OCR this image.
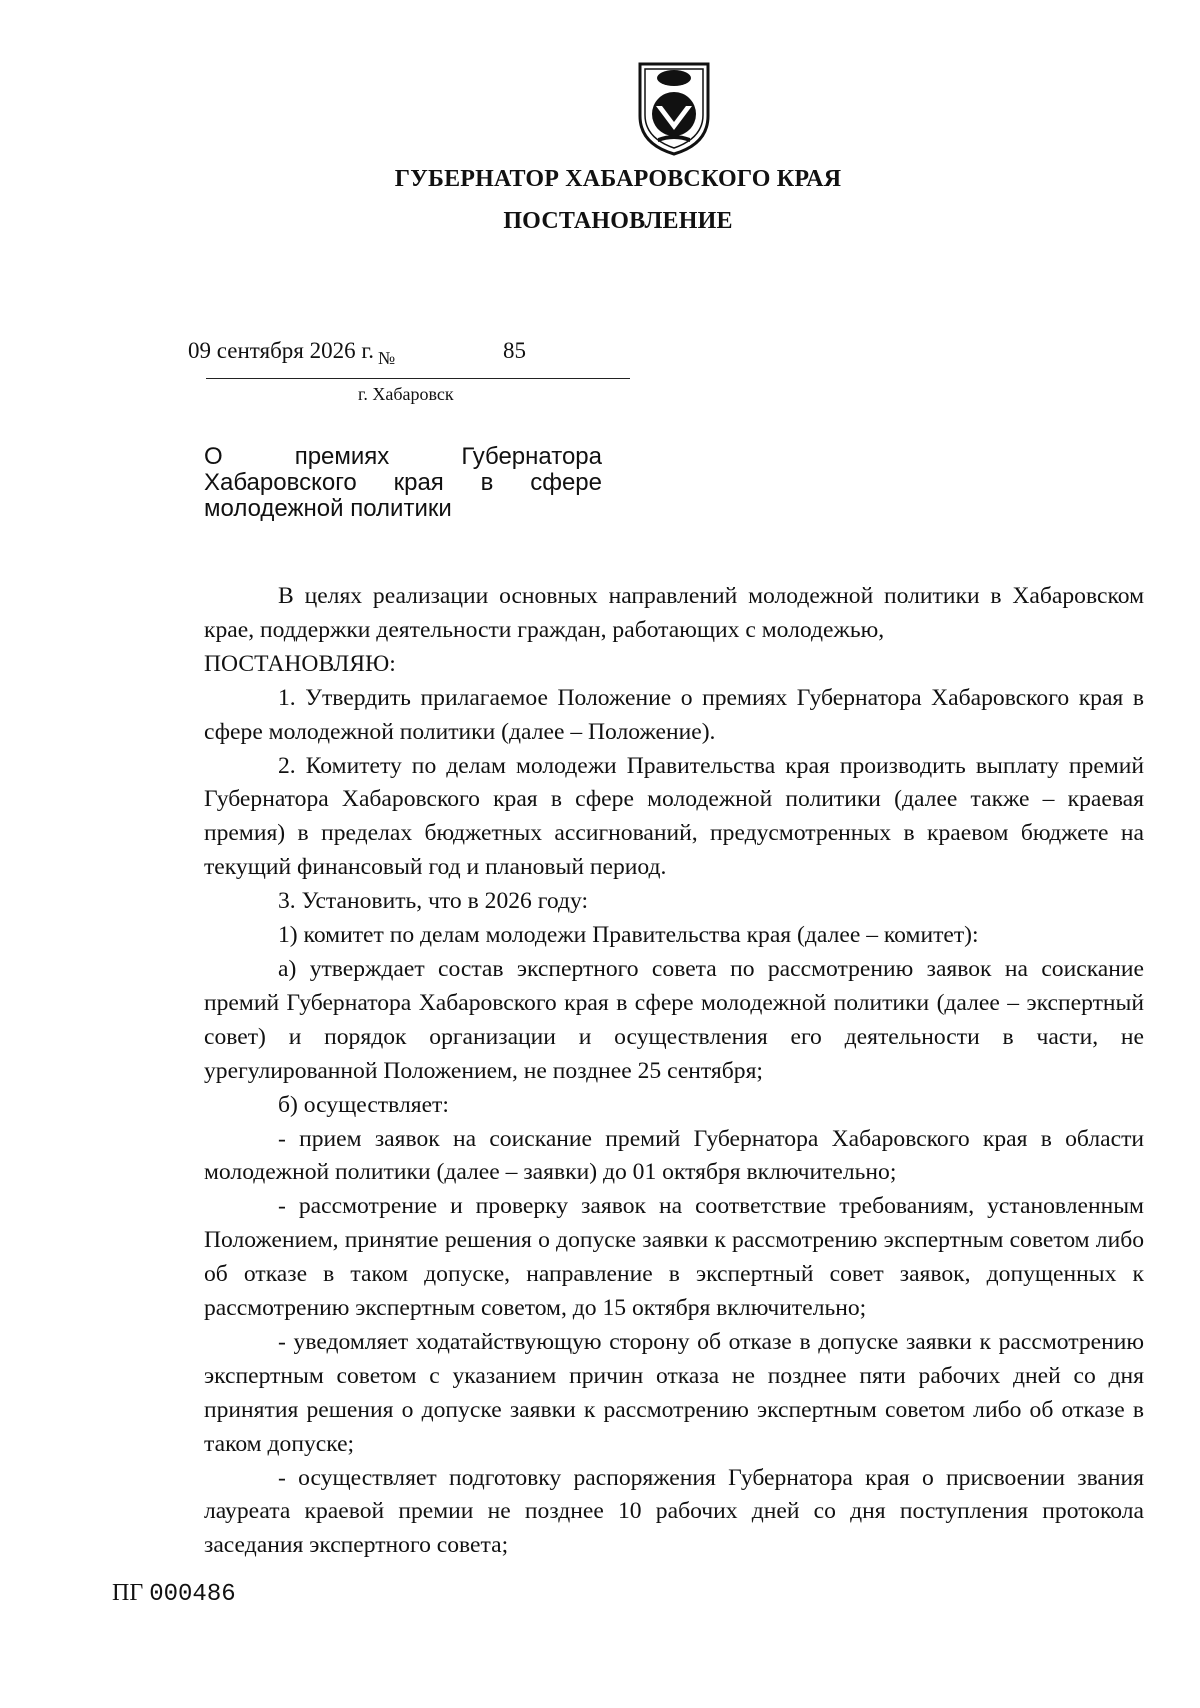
ГУБЕРНАТОР ХАБАРОВСКОГО КРАЯ
ПОСТАНОВЛЕНИЕ
09 сентября 2026 г. $_№$	85
г. Хабаровск
О премиях Губернатора
Хабаровского края в сфере
молодежной политики

В целях реализации основных направлений молодежной политики в Хабаровском крае, поддержки деятельности граждан, работающих с молодежью,

ПОСТАНОВЛЯЮ:

1. Утвердить прилагаемое Положение о премиях Губернатора Хабаровского края в сфере молодежной политики (далее – Положение).

2. Комитету по делам молодежи Правительства края производить выплату премий Губернатора Хабаровского края в сфере молодежной политики (далее также – краевая премия) в пределах бюджетных ассигнований, предусмотренных в краевом бюджете на текущий финансовый год и плановый период.

3. Установить, что в 2026 году:

1) комитет по делам молодежи Правительства края (далее – комитет):

а) утверждает состав экспертного совета по рассмотрению заявок на соискание премий Губернатора Хабаровского края в сфере молодежной политики (далее – экспертный совет) и порядок организации и осуществления его деятельности в части, не урегулированной Положением, не позднее 25 сентября;

б) осуществляет:

- прием заявок на соискание премий Губернатора Хабаровского края в области молодежной политики (далее – заявки) до 01 октября включительно;

- рассмотрение и проверку заявок на соответствие требованиям, установленным Положением, принятие решения о допуске заявки к рассмотрению экспертным советом либо об отказе в таком допуске, направление в экспертный совет заявок, допущенных к рассмотрению экспертным советом, до 15 октября включительно;

- уведомляет ходатайствующую сторону об отказе в допуске заявки к рассмотрению экспертным советом с указанием причин отказа не позднее пяти рабочих дней со дня принятия решения о допуске заявки к рассмотрению экспертным советом либо об отказе в таком допуске;

- осуществляет подготовку распоряжения Губернатора края о присвоении звания лауреата краевой премии не позднее 10 рабочих дней со дня поступления протокола заседания экспертного совета;

ПГ 000486
